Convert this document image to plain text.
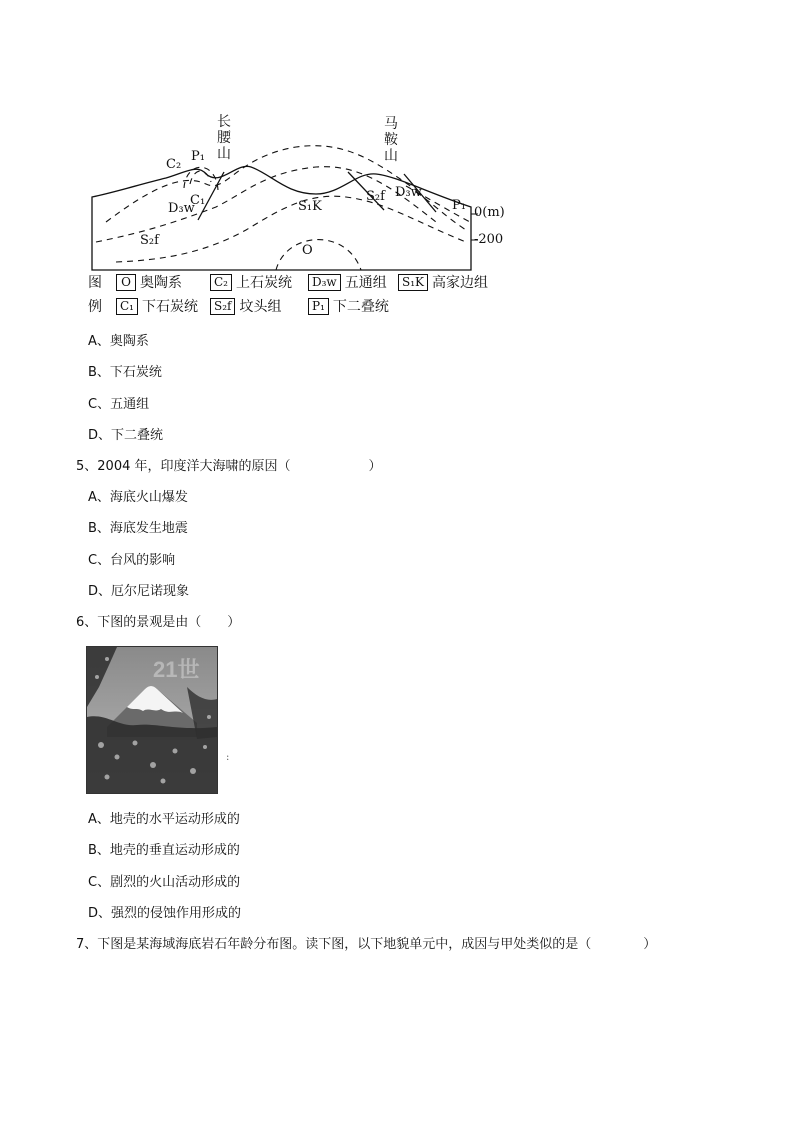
长腰山
马鞍山
C₂
P₁
C₁
D₃w	S₁K
S₂f D₃w
P₁
S₂f
O
0(m)
-200
图
例
O 奥陶系	C₂ 上石炭统	D₃w 五通组	S₁K 高家边组
C₁ 下石炭统	S₂f 坟头组	P₁ 下二叠统
A、奥陶系
B、下石炭统
C、五通组
D、下二叠统
5、2004 年，印度洋大海啸的原因（　　　　　　）
A、海底火山爆发
B、海底发生地震
C、台风的影响
D、厄尔尼诺现象
6、下图的景观是由（　　）
21世
:
A、地壳的水平运动形成的
B、地壳的垂直运动形成的
C、剧烈的火山活动形成的
D、强烈的侵蚀作用形成的
7、下图是某海域海底岩石年龄分布图。读下图，以下地貌单元中，成因与甲处类似的是（　　　　）
